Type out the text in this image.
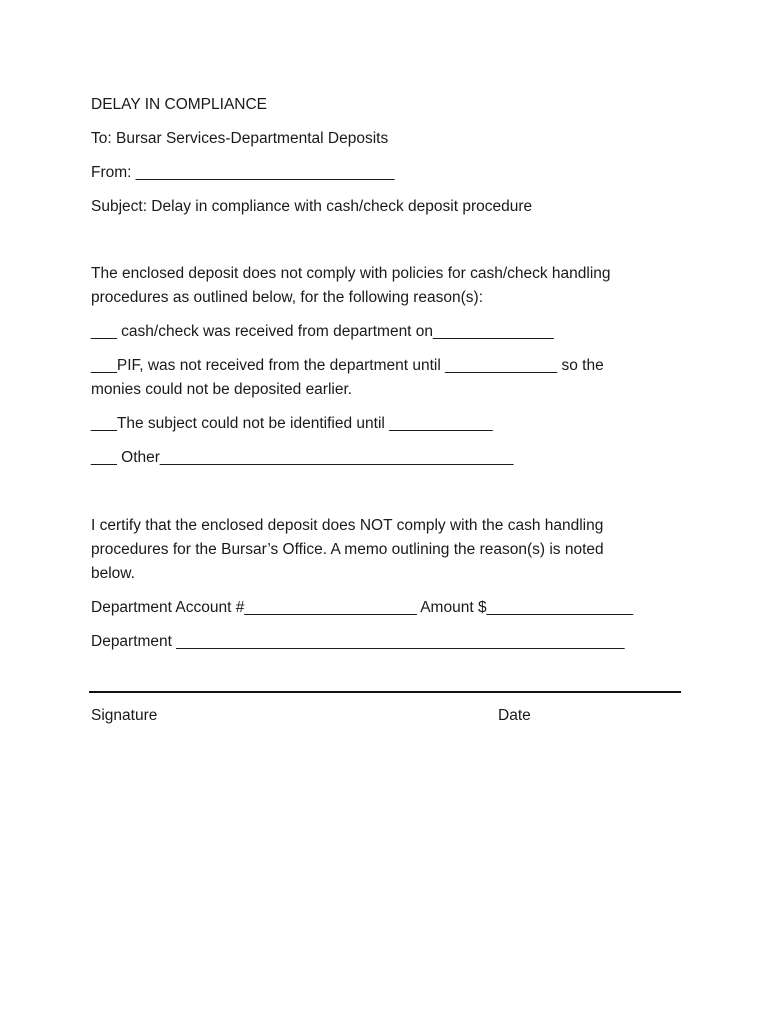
DELAY IN COMPLIANCE
To: Bursar Services-Departmental Deposits
From: ______________________________
Subject: Delay in compliance with cash/check deposit procedure
The enclosed deposit does not comply with policies for cash/check handling procedures as outlined below, for the following reason(s):
___ cash/check was received from department on______________
___PIF, was not received from the department until _____________ so the monies could not be deposited earlier.
___The subject could not be identified until ____________
___ Other_________________________________________
I certify that the enclosed deposit does NOT comply with the cash handling procedures for the Bursar’s Office. A memo outlining the reason(s) is noted below.
Department Account #____________________ Amount $_________________
Department ____________________________________________________
Signature	Date
